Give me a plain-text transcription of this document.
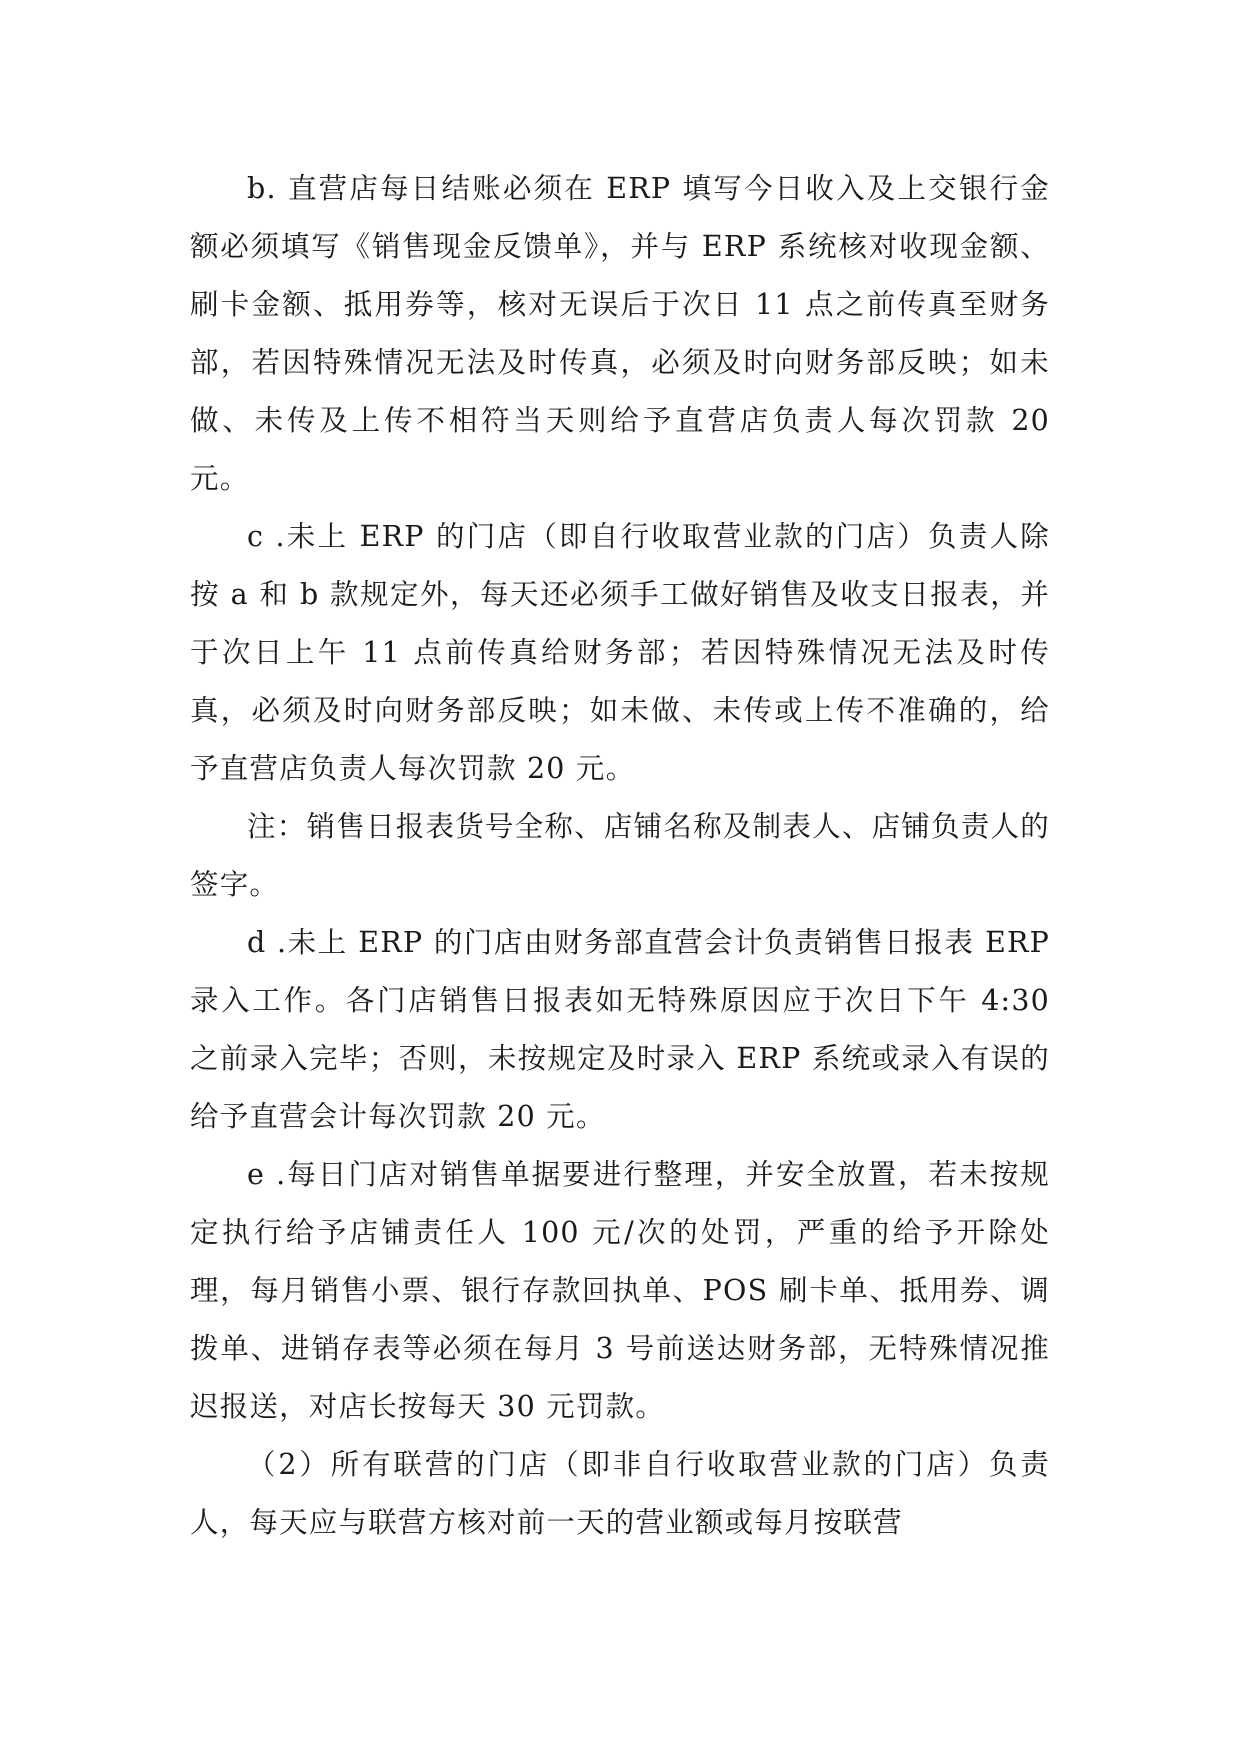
b. 直营店每日结账必须在 ERP 填写今日收入及上交银行金额必须填写《销售现金反馈单》，并与 ERP 系统核对收现金额、刷卡金额、抵用券等，核对无误后于次日 11 点之前传真至财务部，若因特殊情况无法及时传真，必须及时向财务部反映；如未做、未传及上传不相符当天则给予直营店负责人每次罚款 20 元。

c .未上 ERP 的门店（即自行收取营业款的门店）负责人除按 a 和 b 款规定外，每天还必须手工做好销售及收支日报表，并于次日上午 11 点前传真给财务部；若因特殊情况无法及时传真，必须及时向财务部反映；如未做、未传或上传不准确的，给予直营店负责人每次罚款 20 元。

注：销售日报表货号全称、店铺名称及制表人、店铺负责人的签字。

d .未上 ERP 的门店由财务部直营会计负责销售日报表 ERP 录入工作。各门店销售日报表如无特殊原因应于次日下午 4:30 之前录入完毕；否则，未按规定及时录入 ERP 系统或录入有误的给予直营会计每次罚款 20 元。

e .每日门店对销售单据要进行整理，并安全放置，若未按规定执行给予店铺责任人 100 元/次的处罚，严重的给予开除处理，每月销售小票、银行存款回执单、POS 刷卡单、抵用券、调拨单、进销存表等必须在每月 3 号前送达财务部，无特殊情况推迟报送，对店长按每天 30 元罚款。

（2）所有联营的门店（即非自行收取营业款的门店）负责人，每天应与联营方核对前一天的营业额或每月按联营
